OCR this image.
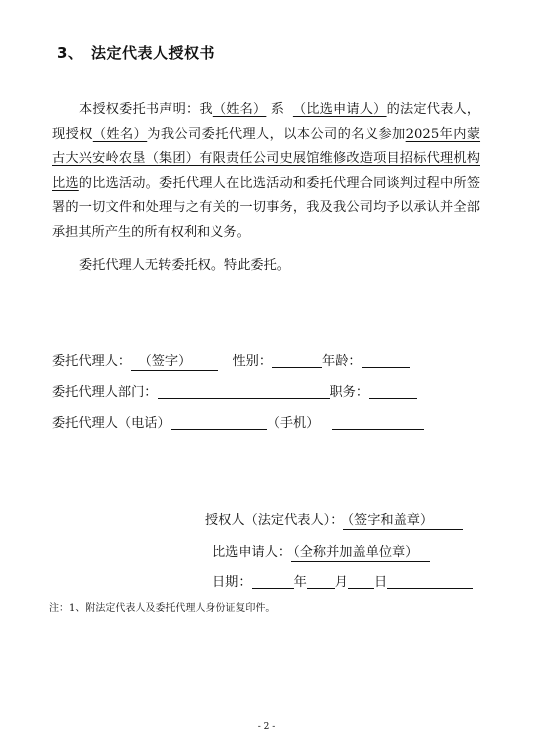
3、 法定代表人授权书

本授权委托书声明：我（姓名） 系 （比选申请人）的法定代表人，现授权（姓名）为我公司委托代理人，以本公司的名义参加2025年内蒙古大兴安岭农垦（集团）有限责任公司史展馆维修改造项目招标代理机构比选的比选活动。委托代理人在比选活动和委托代理合同谈判过程中所签署的一切文件和处理与之有关的一切事务，我及我公司均予以承认并全部承担其所产生的所有权利和义务。

委托代理人无转委托权。特此委托。

委托代理人： （签字）	性别：	年龄：
委托代理人部门：	职务：
委托代理人（电话）	（手机）
授权人（法定代表人）： （签字和盖章）
比选申请人： （全称并加盖单位章）
日期：	年 月 日
注：1、附法定代表人及委托代理人身份证复印件。
- 2 -
